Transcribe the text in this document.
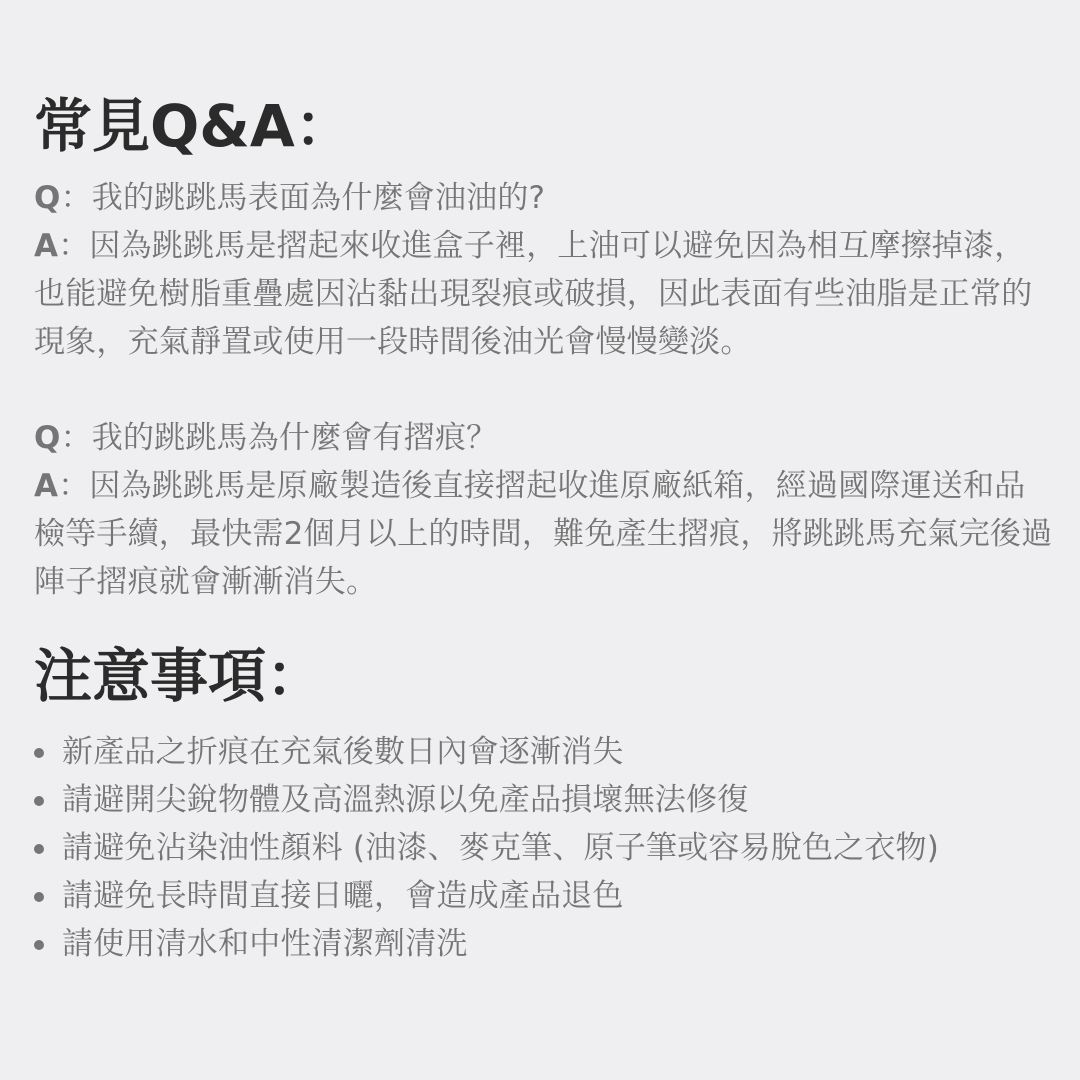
常見Q&A：
Q：我的跳跳馬表面為什麼會油油的?
A：因為跳跳馬是摺起來收進盒子裡，上油可以避免因為相互摩擦掉漆，也能避免樹脂重疊處因沾黏出現裂痕或破損，因此表面有些油脂是正常的現象，充氣靜置或使用一段時間後油光會慢慢變淡。
Q：我的跳跳馬為什麼會有摺痕？
A：因為跳跳馬是原廠製造後直接摺起收進原廠紙箱，經過國際運送和品檢等手續，最快需2個月以上的時間，難免產生摺痕，將跳跳馬充氣完後過陣子摺痕就會漸漸消失。
注意事項：
新產品之折痕在充氣後數日內會逐漸消失
請避開尖銳物體及高溫熱源以免產品損壞無法修復
請避免沾染油性顏料 (油漆、麥克筆、原子筆或容易脫色之衣物)
請避免長時間直接日曬，會造成產品退色
請使用清水和中性清潔劑清洗
